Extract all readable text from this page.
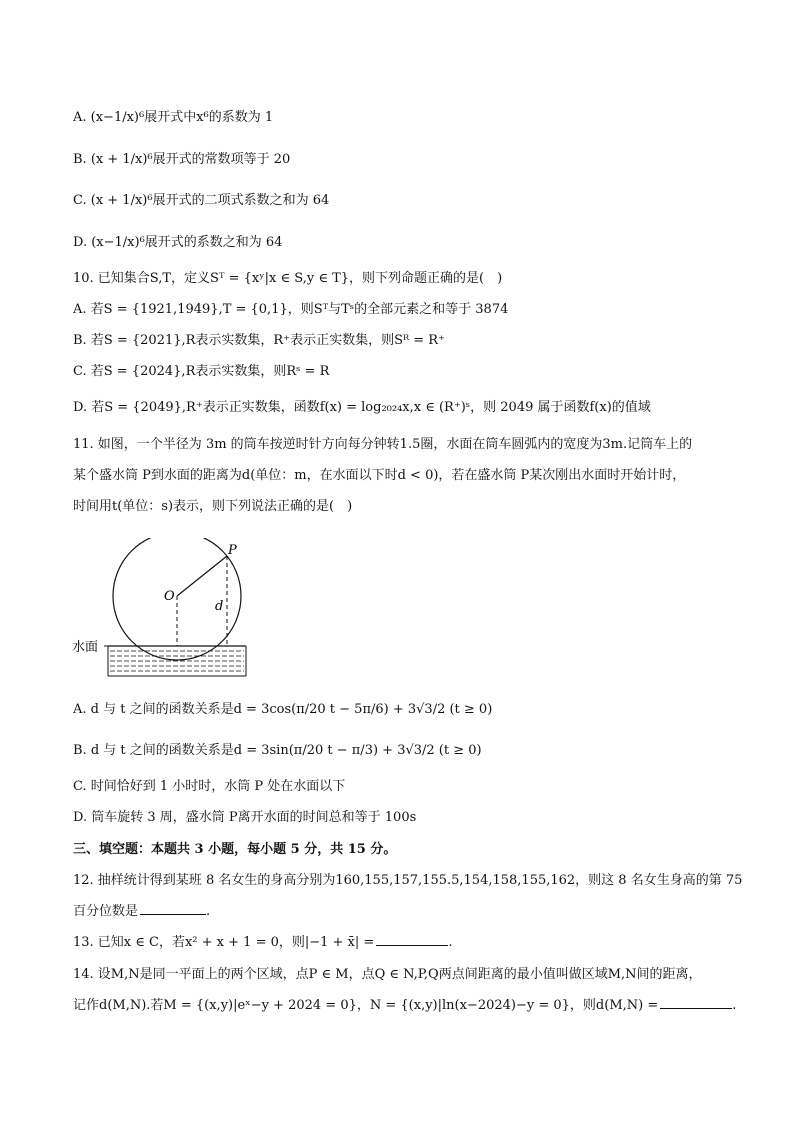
A. (x−1/x)⁶展开式中x⁶的系数为 1
B. (x + 1/x)⁶展开式的常数项等于 20
C. (x + 1/x)⁶展开式的二项式系数之和为 64
D. (x−1/x)⁶展开式的系数之和为 64
10. 已知集合S,T，定义Sᵀ = {xʸ|x ∈ S,y ∈ T}，则下列命题正确的是(　)
A. 若S = {1921,1949},T = {0,1}，则Sᵀ与Tˢ的全部元素之和等于 3874
B. 若S = {2021},R表示实数集，R⁺表示正实数集，则Sᴿ = R⁺
C. 若S = {2024},R表示实数集，则Rˢ = R
D. 若S = {2049},R⁺表示正实数集，函数f(x) = log₂₀₂₄x,x ∈ (R⁺)ˢ，则 2049 属于函数f(x)的值域
11. 如图，一个半径为 3m 的筒车按逆时针方向每分钟转1.5圈，水面在筒车圆弧内的宽度为3m.记筒车上的
某个盛水筒 P到水面的距离为d(单位：m，在水面以下时d < 0)，若在盛水筒 P某次刚出水面时开始计时，
时间用t(单位：s)表示，则下列说法正确的是(　)
P
O
d
水面
A. d 与 t 之间的函数关系是d = 3cos(π/20 t − 5π/6) + 3√3/2 (t ≥ 0)
B. d 与 t 之间的函数关系是d = 3sin(π/20 t − π/3) + 3√3/2 (t ≥ 0)
C. 时间恰好到 1 小时时，水筒 P 处在水面以下
D. 筒车旋转 3 周，盛水筒 P离开水面的时间总和等于 100s
三、填空题：本题共 3 小题，每小题 5 分，共 15 分。
12. 抽样统计得到某班 8 名女生的身高分别为160,155,157,155.5,154,158,155,162，则这 8 名女生身高的第 75
百分位数是	.
13. 已知x ∈ C，若x² + x + 1 = 0，则|−1 + x̄| =	.
14. 设M,N是同一平面上的两个区域，点P ∈ M，点Q ∈ N,P,Q两点间距离的最小值叫做区域M,N间的距离，
记作d(M,N).若M = {(x,y)|eˣ−y + 2024 = 0}，N = {(x,y)|ln(x−2024)−y = 0}，则d(M,N) =	.
